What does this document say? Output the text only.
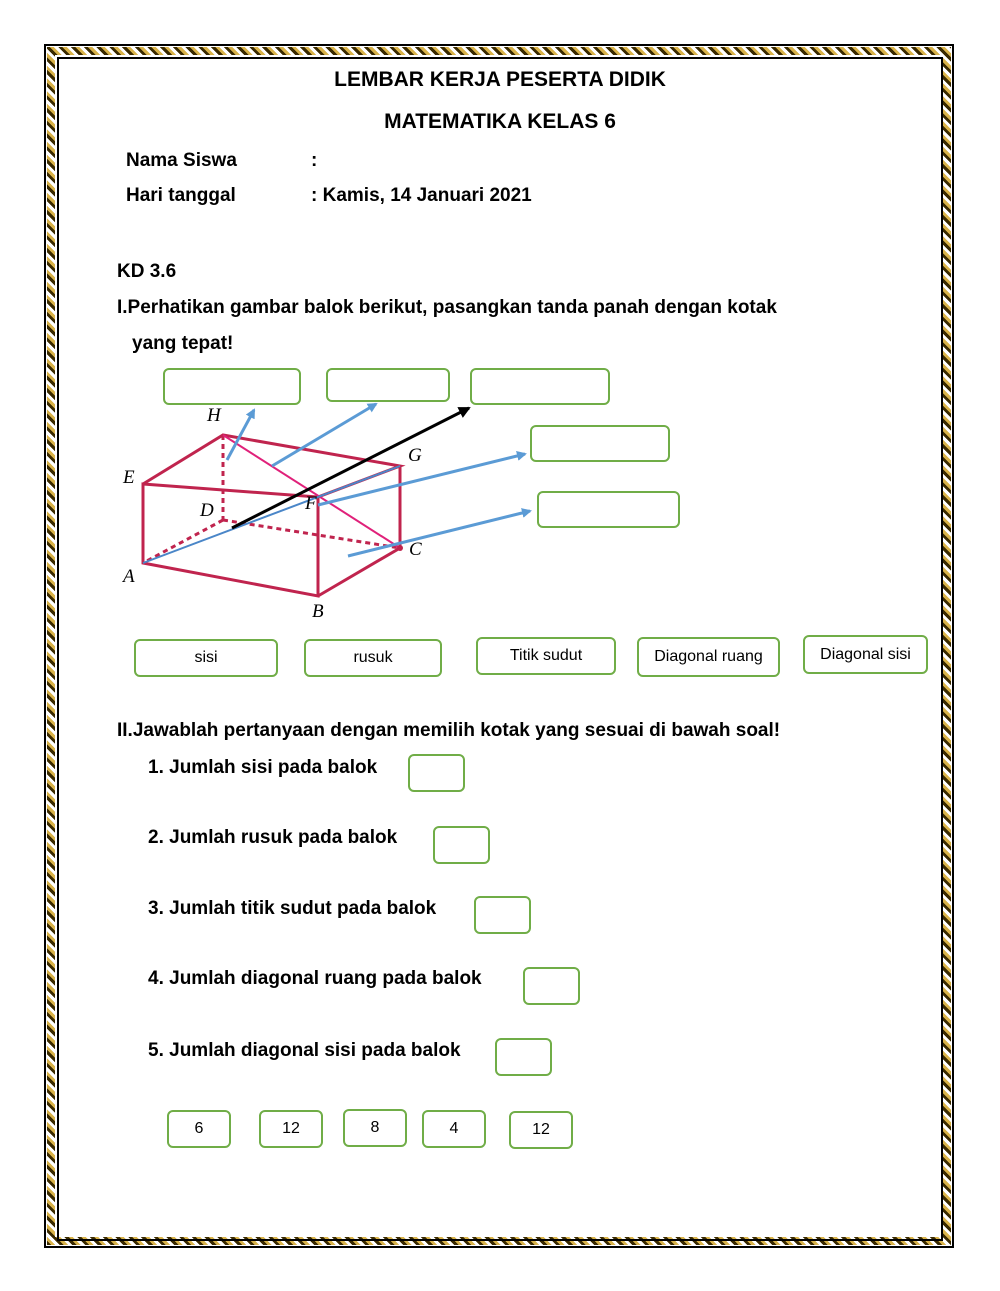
LEMBAR KERJA PESERTA DIDIK
MATEMATIKA KELAS 6
Nama Siswa	:
Hari tanggal	: Kamis, 14 Januari 2021
KD 3.6
I.Perhatikan gambar balok berikut, pasangkan tanda panah dengan kotak
yang tepat!
H
G
E
D	F
C
A
B
sisi	rusuk	Titik sudut	Diagonal ruang	Diagonal sisi
II.Jawablah pertanyaan dengan memilih kotak yang sesuai di bawah soal!
1. Jumlah sisi pada balok
2. Jumlah rusuk pada balok
3. Jumlah titik sudut pada balok
4. Jumlah diagonal ruang pada balok
5. Jumlah diagonal sisi pada balok
6	12	8	4	12
